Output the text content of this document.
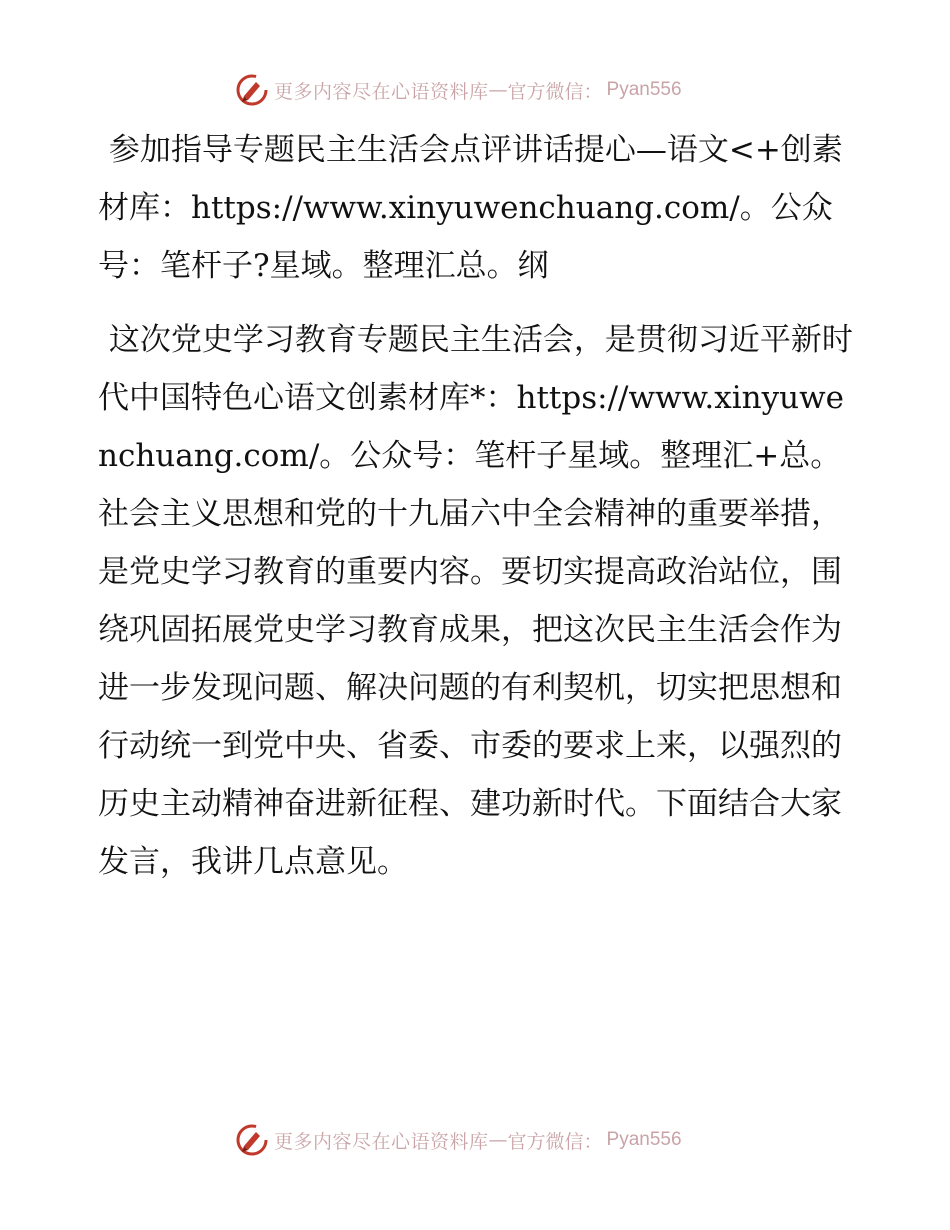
更多内容尽在心语资料库 — 官方微信： Pyan556

参加指导专题民主生活会点评讲话提心—语文<+创素材库：https://www.xinyuwenchuang.com/。公众号：笔杆子?星域。整理汇总。纲

这次党史学习教育专题民主生活会，是贯彻习近平新时代中国特色心语文创素材库*：https://www.xinyuwenchuang.com/。公众号：笔杆子星域。整理汇+总。社会主义思想和党的十九届六中全会精神的重要举措，是党史学习教育的重要内容。要切实提高政治站位，围绕巩固拓展党史学习教育成果，把这次民主生活会作为进一步发现问题、解决问题的有利契机，切实把思想和行动统一到党中央、省委、市委的要求上来，以强烈的历史主动精神奋进新征程、建功新时代。下面结合大家发言，我讲几点意见。

更多内容尽在心语资料库 — 官方微信： Pyan556
